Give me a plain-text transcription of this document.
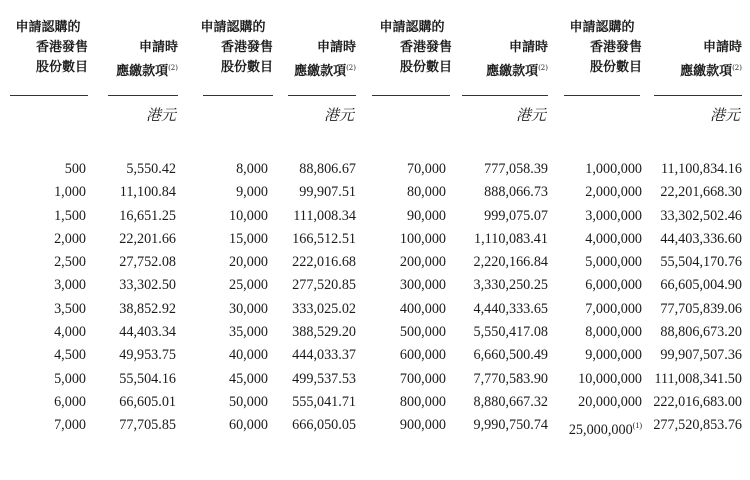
申請認購的
香港發售
股份數目
申請時
應繳款項$^{(2)}$
港元
500
1,000
1,500
2,000
2,500
3,000
3,500
4,000
4,500
5,000
6,000
7,000
5,550.42
11,100.84
16,651.25
22,201.66
27,752.08
33,302.50
38,852.92
44,403.34
49,953.75
55,504.16
66,605.01
77,705.85
申請認購的
香港發售
股份數目
申請時
應繳款項$^{(2)}$
港元
8,000
9,000
10,000
15,000
20,000
25,000
30,000
35,000
40,000
45,000
50,000
60,000
88,806.67
99,907.51
111,008.34
166,512.51
222,016.68
277,520.85
333,025.02
388,529.20
444,033.37
499,537.53
555,041.71
666,050.05
申請認購的
香港發售
股份數目
申請時
應繳款項$^{(2)}$
港元
70,000
80,000
90,000
100,000
200,000
300,000
400,000
500,000
600,000
700,000
800,000
900,000
777,058.39
888,066.73
999,075.07
1,110,083.41
2,220,166.84
3,330,250.25
4,440,333.65
5,550,417.08
6,660,500.49
7,770,583.90
8,880,667.32
9,990,750.74
申請認購的
香港發售
股份數目
申請時
應繳款項$^{(2)}$
港元
1,000,000
2,000,000
3,000,000
4,000,000
5,000,000
6,000,000
7,000,000
8,000,000
9,000,000
10,000,000
20,000,000
25,000,000$^{(1)}$
11,100,834.16
22,201,668.30
33,302,502.46
44,403,336.60
55,504,170.76
66,605,004.90
77,705,839.06
88,806,673.20
99,907,507.36
111,008,341.50
222,016,683.00
277,520,853.76
